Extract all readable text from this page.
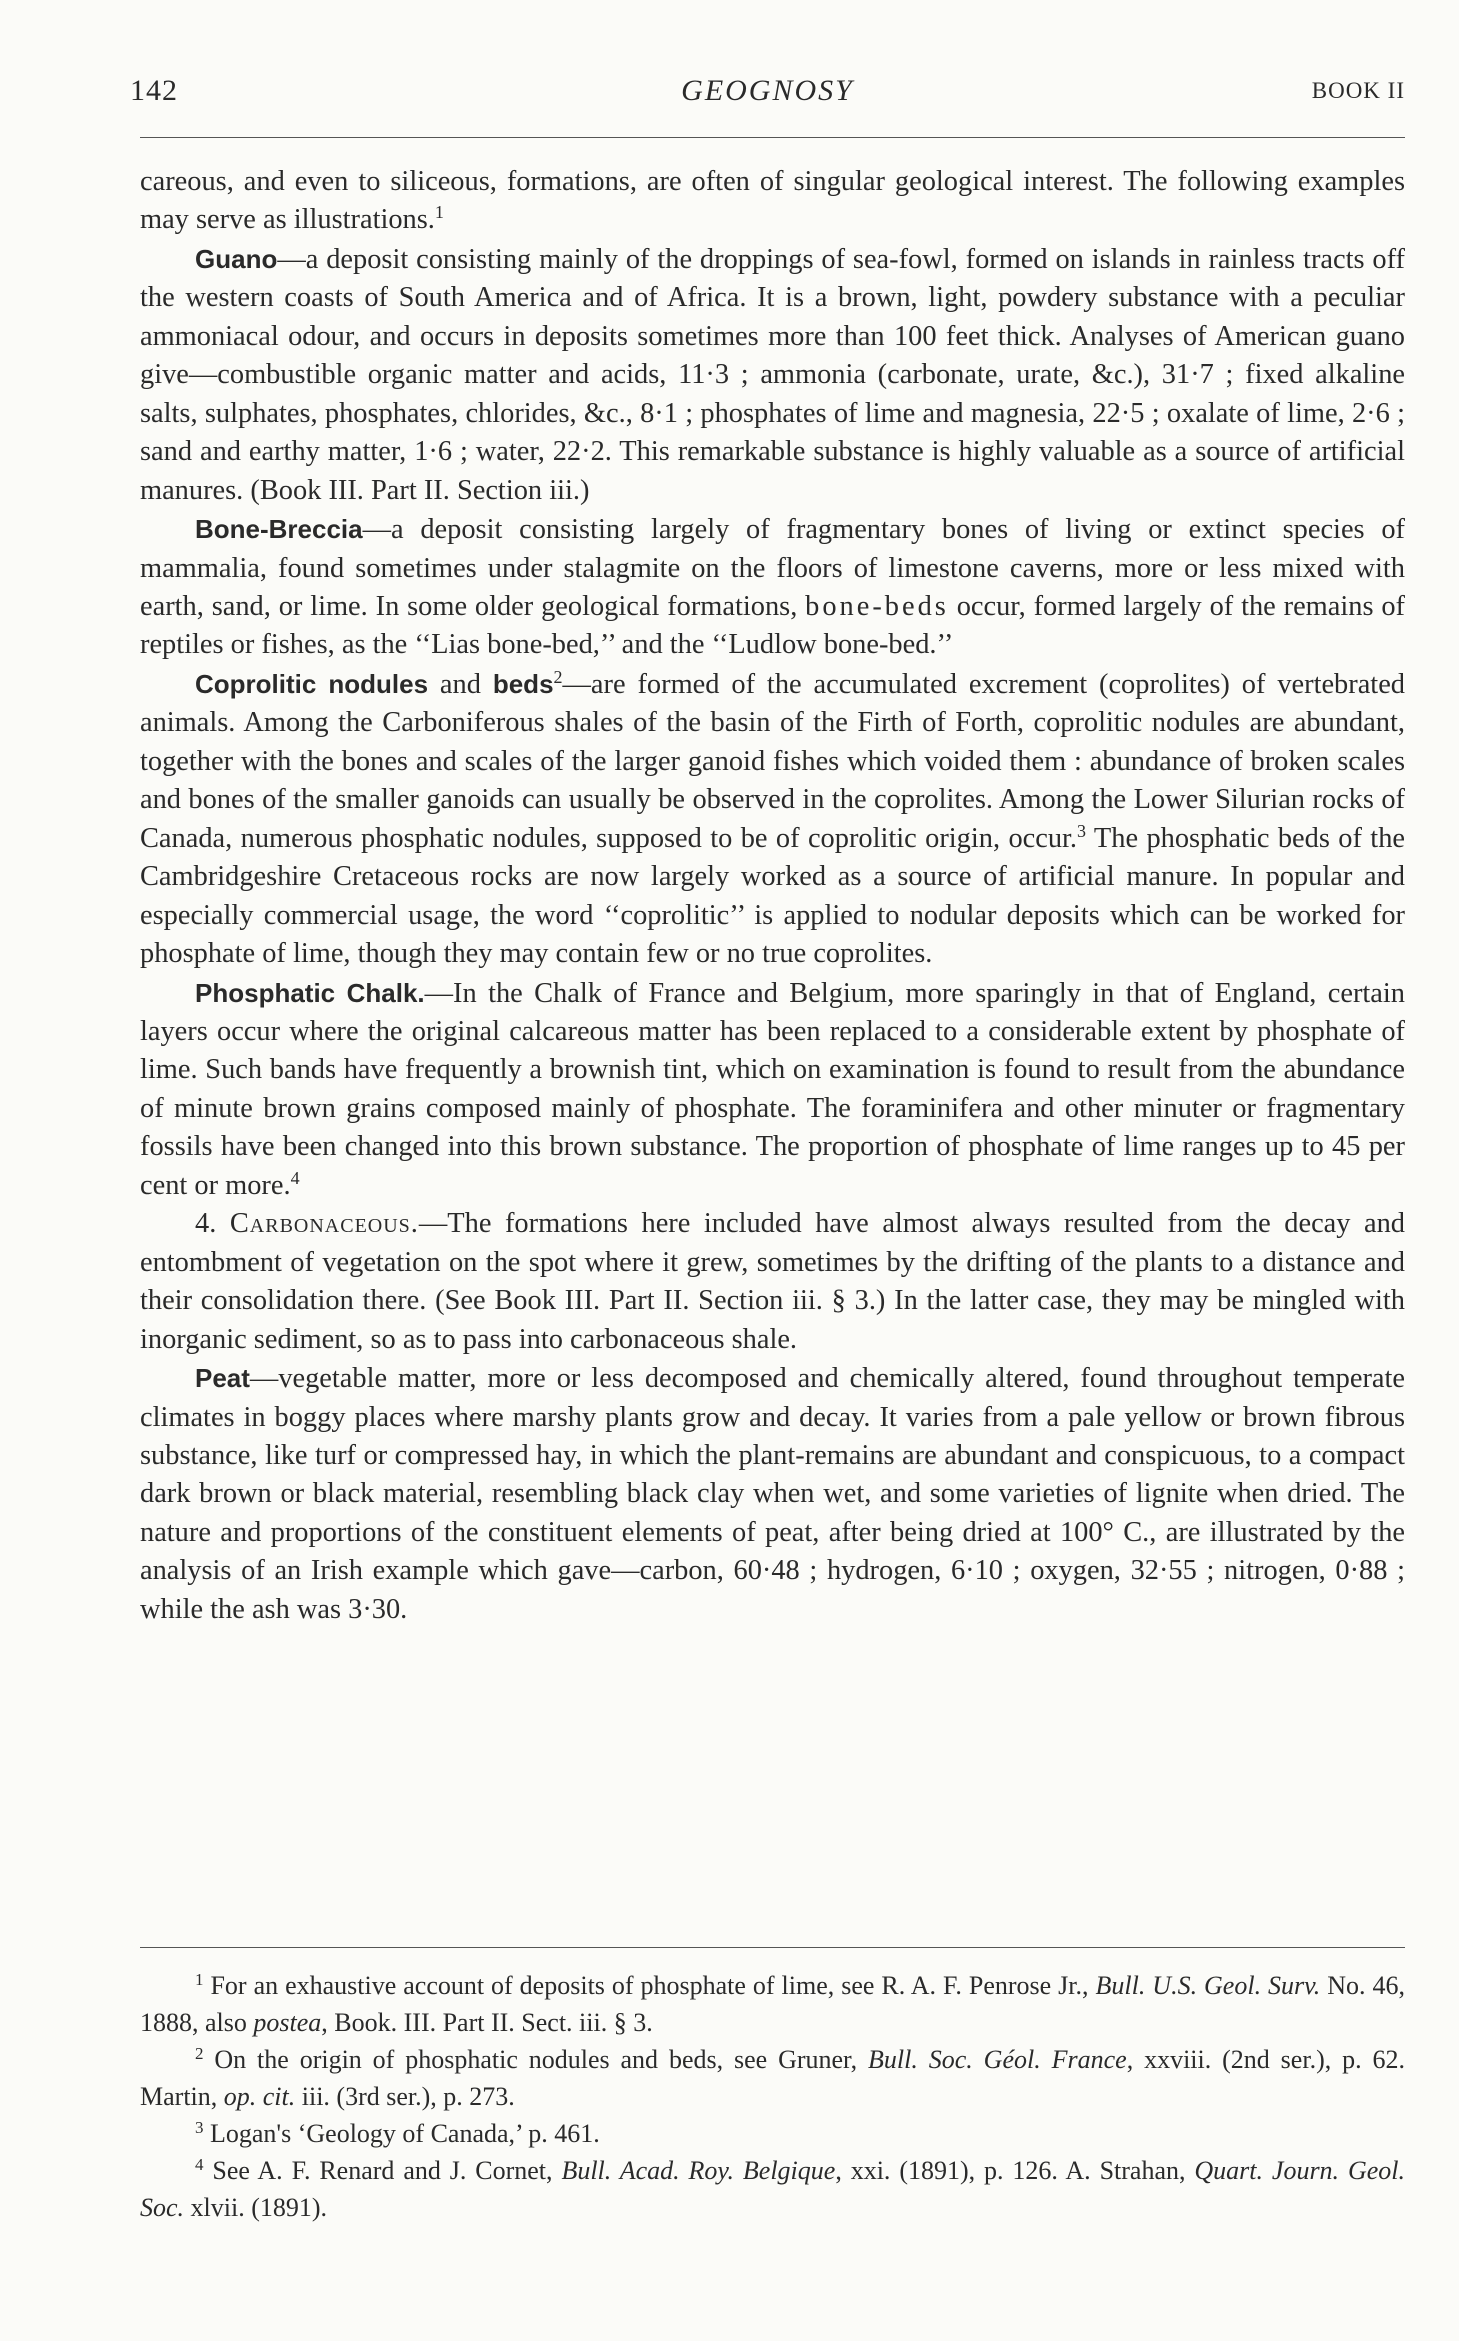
142	GEOGNOSY	BOOK II

careous, and even to siliceous, formations, are often of singular geological interest. The following examples may serve as illustrations.$^1$

Guano—a deposit consisting mainly of the droppings of sea-fowl, formed on islands in rainless tracts off the western coasts of South America and of Africa. It is a brown, light, powdery substance with a peculiar ammoniacal odour, and occurs in deposits sometimes more than 100 feet thick. Analyses of American guano give—combustible organic matter and acids, 11·3 ; ammonia (carbonate, urate, &c.), 31·7 ; fixed alkaline salts, sulphates, phosphates, chlorides, &c., 8·1 ; phosphates of lime and magnesia, 22·5 ; oxalate of lime, 2·6 ; sand and earthy matter, 1·6 ; water, 22·2. This remarkable substance is highly valuable as a source of artificial manures. (Book III. Part II. Section iii.)

Bone-Breccia—a deposit consisting largely of fragmentary bones of living or extinct species of mammalia, found sometimes under stalagmite on the floors of limestone caverns, more or less mixed with earth, sand, or lime. In some older geological formations, bone-beds occur, formed largely of the remains of reptiles or fishes, as the ‘‘Lias bone-bed,’’ and the ‘‘Ludlow bone-bed.’’

Coprolitic nodules and beds$^2$—are formed of the accumulated excrement (coprolites) of vertebrated animals. Among the Carboniferous shales of the basin of the Firth of Forth, coprolitic nodules are abundant, together with the bones and scales of the larger ganoid fishes which voided them : abundance of broken scales and bones of the smaller ganoids can usually be observed in the coprolites. Among the Lower Silurian rocks of Canada, numerous phosphatic nodules, supposed to be of coprolitic origin, occur.$^3$ The phosphatic beds of the Cambridgeshire Cretaceous rocks are now largely worked as a source of artificial manure. In popular and especially commercial usage, the word ‘‘coprolitic’’ is applied to nodular deposits which can be worked for phosphate of lime, though they may contain few or no true coprolites.

Phosphatic Chalk.—In the Chalk of France and Belgium, more sparingly in that of England, certain layers occur where the original calcareous matter has been replaced to a considerable extent by phosphate of lime. Such bands have frequently a brownish tint, which on examination is found to result from the abundance of minute brown grains composed mainly of phosphate. The foraminifera and other minuter or fragmentary fossils have been changed into this brown substance. The proportion of phosphate of lime ranges up to 45 per cent or more.$^4$

4. Carbonaceous.—The formations here included have almost always resulted from the decay and entombment of vegetation on the spot where it grew, sometimes by the drifting of the plants to a distance and their consolidation there. (See Book III. Part II. Section iii. § 3.) In the latter case, they may be mingled with inorganic sediment, so as to pass into carbonaceous shale.

Peat—vegetable matter, more or less decomposed and chemically altered, found throughout temperate climates in boggy places where marshy plants grow and decay. It varies from a pale yellow or brown fibrous substance, like turf or compressed hay, in which the plant-remains are abundant and conspicuous, to a compact dark brown or black material, resembling black clay when wet, and some varieties of lignite when dried. The nature and proportions of the constituent elements of peat, after being dried at 100° C., are illustrated by the analysis of an Irish example which gave—carbon, 60·48 ; hydrogen, 6·10 ; oxygen, 32·55 ; nitrogen, 0·88 ; while the ash was 3·30.

$^1$ For an exhaustive account of deposits of phosphate of lime, see R. A. F. Penrose Jr., Bull. U.S. Geol. Surv. No. 46, 1888, also postea, Book. III. Part II. Sect. iii. § 3.

$^2$ On the origin of phosphatic nodules and beds, see Gruner, Bull. Soc. Géol. France, xxviii. (2nd ser.), p. 62. Martin, op. cit. iii. (3rd ser.), p. 273.

$^3$ Logan's ‘Geology of Canada,’ p. 461.

$^4$ See A. F. Renard and J. Cornet, Bull. Acad. Roy. Belgique, xxi. (1891), p. 126. A. Strahan, Quart. Journ. Geol. Soc. xlvii. (1891).
